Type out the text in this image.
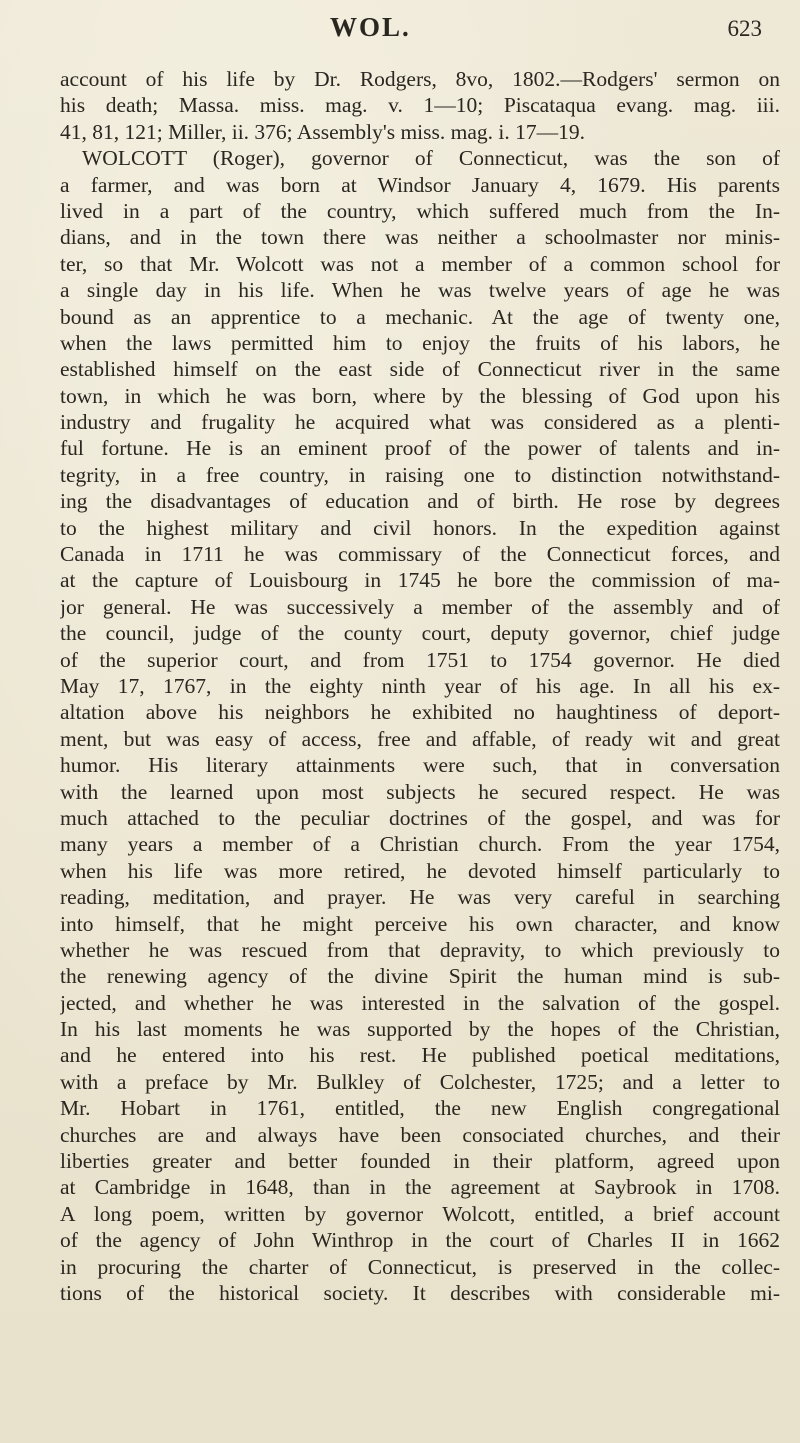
WOL.	623
account of his life by Dr. Rodgers, 8vo, 1802.—Rodgers' sermon on
his death; Massa. miss. mag. v. 1—10; Piscataqua evang. mag. iii.
41, 81, 121; Miller, ii. 376; Assembly's miss. mag. i. 17—19.
WOLCOTT (Roger), governor of Connecticut, was the son of
a farmer, and was born at Windsor January 4, 1679. His parents
lived in a part of the country, which suffered much from the In-
dians, and in the town there was neither a schoolmaster nor minis-
ter, so that Mr. Wolcott was not a member of a common school for
a single day in his life. When he was twelve years of age he was
bound as an apprentice to a mechanic. At the age of twenty one,
when the laws permitted him to enjoy the fruits of his labors, he
established himself on the east side of Connecticut river in the same
town, in which he was born, where by the blessing of God upon his
industry and frugality he acquired what was considered as a plenti-
ful fortune. He is an eminent proof of the power of talents and in-
tegrity, in a free country, in raising one to distinction notwithstand-
ing the disadvantages of education and of birth. He rose by degrees
to the highest military and civil honors. In the expedition against
Canada in 1711 he was commissary of the Connecticut forces, and
at the capture of Louisbourg in 1745 he bore the commission of ma-
jor general. He was successively a member of the assembly and of
the council, judge of the county court, deputy governor, chief judge
of the superior court, and from 1751 to 1754 governor. He died
May 17, 1767, in the eighty ninth year of his age. In all his ex-
altation above his neighbors he exhibited no haughtiness of deport-
ment, but was easy of access, free and affable, of ready wit and great
humor. His literary attainments were such, that in conversation
with the learned upon most subjects he secured respect. He was
much attached to the peculiar doctrines of the gospel, and was for
many years a member of a Christian church. From the year 1754,
when his life was more retired, he devoted himself particularly to
reading, meditation, and prayer. He was very careful in searching
into himself, that he might perceive his own character, and know
whether he was rescued from that depravity, to which previously to
the renewing agency of the divine Spirit the human mind is sub-
jected, and whether he was interested in the salvation of the gospel.
In his last moments he was supported by the hopes of the Christian,
and he entered into his rest. He published poetical meditations,
with a preface by Mr. Bulkley of Colchester, 1725; and a letter to
Mr. Hobart in 1761, entitled, the new English congregational
churches are and always have been consociated churches, and their
liberties greater and better founded in their platform, agreed upon
at Cambridge in 1648, than in the agreement at Saybrook in 1708.
A long poem, written by governor Wolcott, entitled, a brief account
of the agency of John Winthrop in the court of Charles II in 1662
in procuring the charter of Connecticut, is preserved in the collec-
tions of the historical society. It describes with considerable mi-
